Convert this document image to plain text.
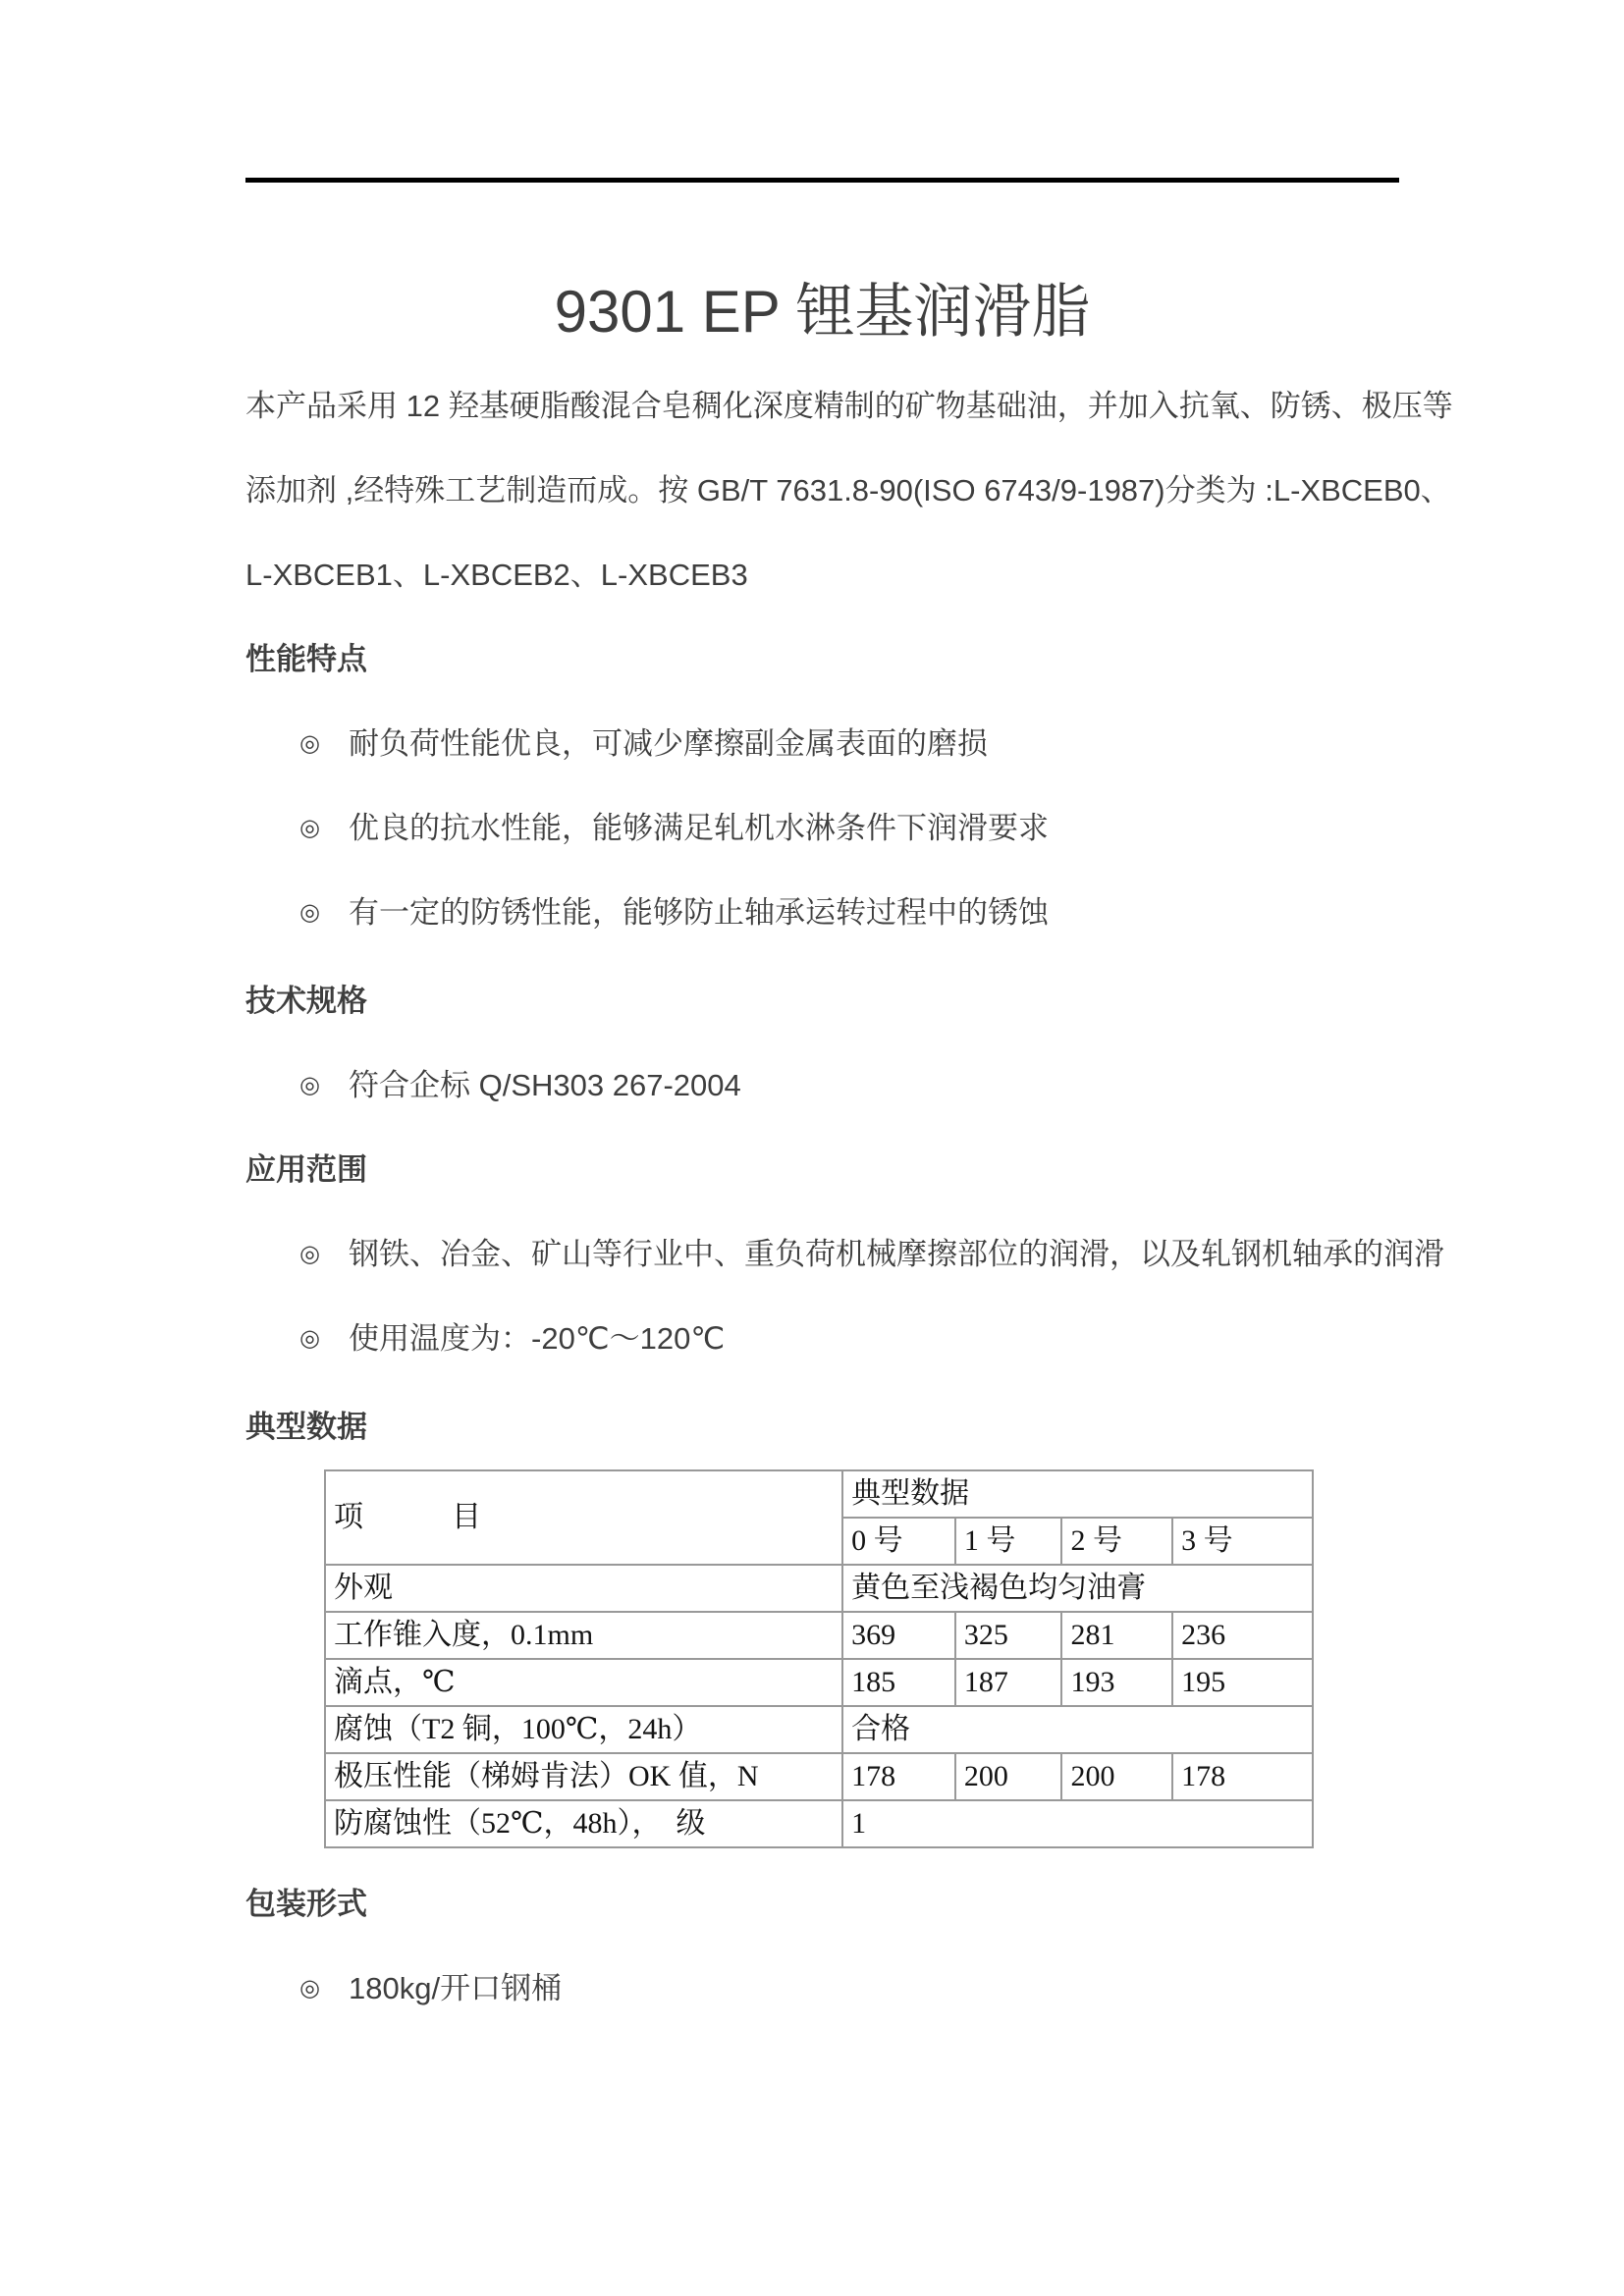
9301 EP 锂基润滑脂
本产品采用 12 羟基硬脂酸混合皂稠化深度精制的矿物基础油，并加入抗氧、防锈、极压等
添加剂 ,经特殊工艺制造而成。按 GB/T 7631.8-90(ISO 6743/9-1987)分类为 :L-XBCEB0、
L-XBCEB1、L-XBCEB2、L-XBCEB3
性能特点
◎ 耐负荷性能优良，可减少摩擦副金属表面的磨损
◎ 优良的抗水性能，能够满足轧机水淋条件下润滑要求
◎ 有一定的防锈性能，能够防止轴承运转过程中的锈蚀
技术规格
◎ 符合企标 Q/SH303 267-2004
应用范围
◎ 钢铁、冶金、矿山等行业中、重负荷机械摩擦部位的润滑，以及轧钢机轴承的润滑
◎ 使用温度为：-20℃～120℃
典型数据
项　　　目	典型数据			
	0 号	1 号	2 号	3 号
外观	黄色至浅褐色均匀油膏			
工作锥入度，0.1mm	369	325	281	236
滴点，℃	185	187	193	195
腐蚀（T2 铜，100℃，24h）	合格			
极压性能（梯姆肯法）OK 值，N	178	200	200	178
防腐蚀性（52℃，48h），　级	1			
包装形式
◎ 180kg/开口钢桶
